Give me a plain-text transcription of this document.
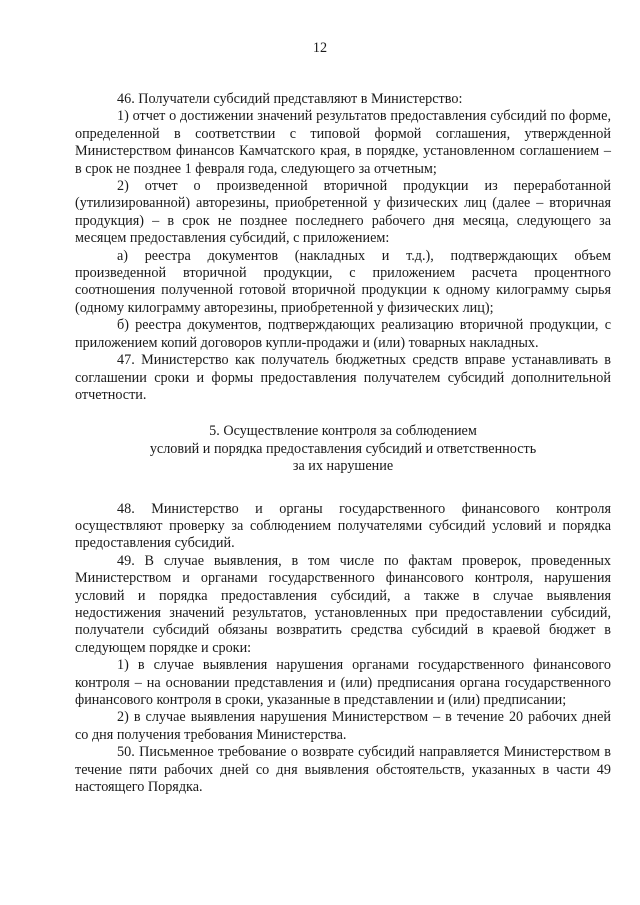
12

46. Получатели субсидий представляют в Министерство:

1) отчет о достижении значений результатов предоставления субсидий по форме, определенной в соответствии с типовой формой соглашения, утвержденной Министерством финансов Камчатского края, в порядке, установленном соглашением – в срок не позднее 1 февраля года, следующего за отчетным;

2) отчет о произведенной вторичной продукции из переработанной (утилизированной) авторезины, приобретенной у физических лиц (далее – вторичная продукция) – в срок не позднее последнего рабочего дня месяца, следующего за месяцем предоставления субсидий, с приложением:

а) реестра документов (накладных и т.д.), подтверждающих объем произведенной вторичной продукции, с приложением расчета процентного соотношения полученной готовой вторичной продукции к одному килограмму сырья (одному килограмму авторезины, приобретенной у физических лиц);

б) реестра документов, подтверждающих реализацию вторичной продукции, с приложением копий договоров купли-продажи и (или) товарных накладных.

47. Министерство как получатель бюджетных средств вправе устанавливать в соглашении сроки и формы предоставления получателем субсидий дополнительной отчетности.

5. Осуществление контроля за соблюдением
условий и порядка предоставления субсидий и ответственность
за их нарушение

48. Министерство и органы государственного финансового контроля осуществляют проверку за соблюдением получателями субсидий условий и порядка предоставления субсидий.

49. В случае выявления, в том числе по фактам проверок, проведенных Министерством и органами государственного финансового контроля, нарушения условий и порядка предоставления субсидий, а также в случае выявления недостижения значений результатов, установленных при предоставлении субсидий, получатели субсидий обязаны возвратить средства субсидий в краевой бюджет в следующем порядке и сроки:

1) в случае выявления нарушения органами государственного финансового контроля – на основании представления и (или) предписания органа государственного финансового контроля в сроки, указанные в представлении и (или) предписании;

2) в случае выявления нарушения Министерством – в течение 20 рабочих дней со дня получения требования Министерства.

50. Письменное требование о возврате субсидий направляется Министерством в течение пяти рабочих дней со дня выявления обстоятельств, указанных в части 49 настоящего Порядка.
